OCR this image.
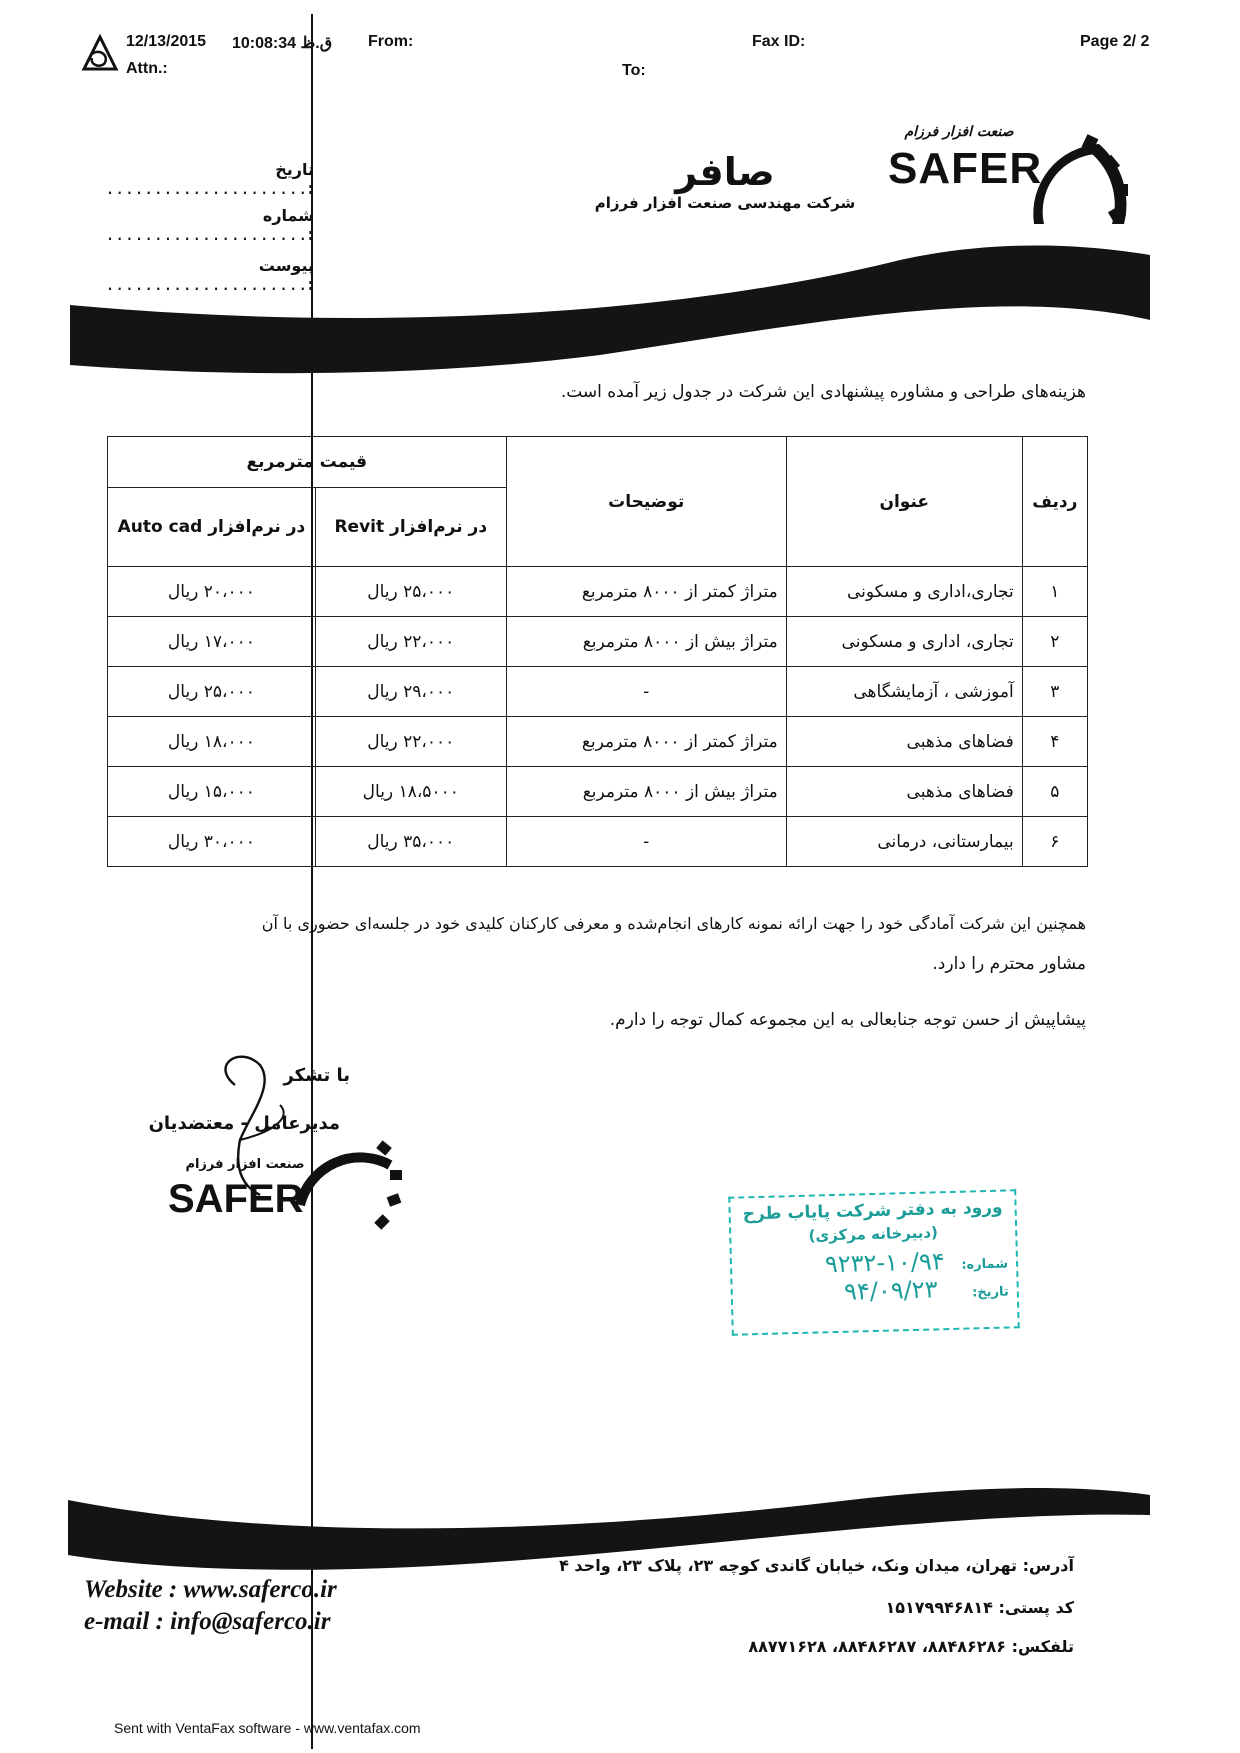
12/13/2015 10:08:34 ق.ظ From:	Fax ID:	Page 2/ 2
Attn.:	To:
تاریخ :.....................
شماره :.....................
پیوست :.....................
صافر
شرکت مهندسی صنعت افزار فرزام
صنعت افزار فرزام
SAFER
هزینه‌های طراحی و مشاوره پیشنهادی این شرکت در جدول زیر آمده است.
ردیف	عنوان	توضیحات	قیمت مترمربع	
			در نرم‌افزار Revit	در نرم‌افزار Auto cad
۱	تجاری،اداری و مسکونی	متراژ کمتر از ۸۰۰۰ مترمربع	۲۵،۰۰۰ ریال	۲۰،۰۰۰ ریال
۲	تجاری، اداری و مسکونی	متراژ بیش از ۸۰۰۰ مترمربع	۲۲،۰۰۰ ریال	۱۷،۰۰۰ ریال
۳	آموزشی ، آزمایشگاهی	-	۲۹،۰۰۰ ریال	۲۵،۰۰۰ ریال
۴	فضاهای مذهبی	متراژ کمتر از ۸۰۰۰ مترمربع	۲۲،۰۰۰ ریال	۱۸،۰۰۰ ریال
۵	فضاهای مذهبی	متراژ بیش از ۸۰۰۰ مترمربع	۱۸،۵۰۰۰ ریال	۱۵،۰۰۰ ریال
۶	بیمارستانی، درمانی	-	۳۵،۰۰۰ ریال	۳۰،۰۰۰ ریال
همچنین این شرکت آمادگی خود را جهت ارائه نمونه کارهای انجام‌شده و معرفی کارکنان کلیدی خود در جلسه‌ای حضوری با آن
مشاور محترم را دارد.
پیشاپیش از حسن توجه جنابعالی به این مجموعه کمال توجه را دارم.
با تشکر
مدیرعامل - معتضدیان
صنعت افزار فرزام
SAFER	ورود به دفتر شرکت پایاب طرح
(دبیرخانه مرکزی)
شماره: ۱۰/۹۴-۹۲۳۲
تاریخ: ۹۴/۰۹/۲۳
آدرس: تهران، میدان ونک، خیابان گاندی کوچه ۲۳، پلاک ۲۳، واحد ۴
کد پستی: ۱۵۱۷۹۹۴۶۸۱۴
تلفکس: ۸۸۴۸۶۲۸۶، ۸۸۴۸۶۲۸۷، ۸۸۷۷۱۶۲۸
Website : www.saferco.ir
e-mail : info@saferco.ir
Sent with VentaFax software - www.ventafax.com
